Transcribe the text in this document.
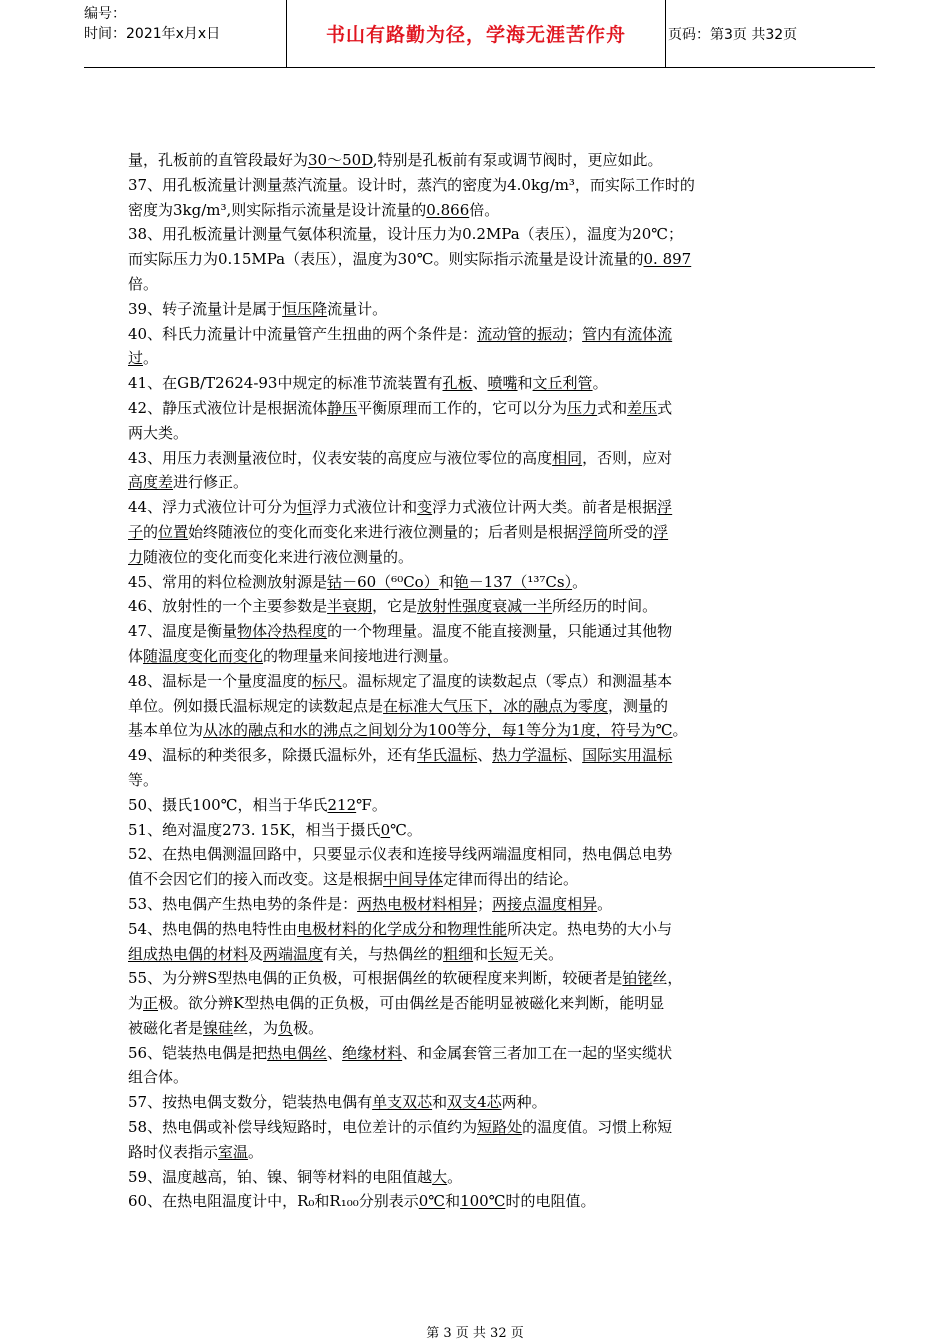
编号：
时间：2021年x月x日	书山有路勤为径，学海无涯苦作舟	页码：第3页 共32页
量，孔板前的直管段最好为30～50D,特别是孔板前有泵或调节阀时，更应如此。
37、用孔板流量计测量蒸汽流量。设计时，蒸汽的密度为4.0kg/m³，而实际工作时的
密度为3kg/m³,则实际指示流量是设计流量的0.866倍。
38、用孔板流量计测量气氨体积流量，设计压力为0.2MPa（表压），温度为20℃；
而实际压力为0.15MPa（表压），温度为30℃。则实际指示流量是设计流量的0. 897
倍。
39、转子流量计是属于恒压降流量计。
40、科氏力流量计中流量管产生扭曲的两个条件是：流动管的振动；管内有流体流
过。
41、在GB/T2624-93中规定的标准节流装置有孔板、喷嘴和文丘利管。
42、静压式液位计是根据流体静压平衡原理而工作的，它可以分为压力式和差压式
两大类。
43、用压力表测量液位时，仪表安装的高度应与液位零位的高度相同，否则，应对
高度差进行修正。
44、浮力式液位计可分为恒浮力式液位计和变浮力式液位计两大类。前者是根据浮
子的位置始终随液位的变化而变化来进行液位测量的；后者则是根据浮筒所受的浮
力随液位的变化而变化来进行液位测量的。
45、常用的料位检测放射源是钴－60（⁶⁰Co）和铯－137（¹³⁷Cs）。
46、放射性的一个主要参数是半衰期，它是放射性强度衰减一半所经历的时间。
47、温度是衡量物体冷热程度的一个物理量。温度不能直接测量，只能通过其他物
体随温度变化而变化的物理量来间接地进行测量。
48、温标是一个量度温度的标尺。温标规定了温度的读数起点（零点）和测温基本
单位。例如摄氏温标规定的读数起点是在标准大气压下，冰的融点为零度，测量的
基本单位为从冰的融点和水的沸点之间划分为100等分，每1等分为1度，符号为℃。
49、温标的种类很多，除摄氏温标外，还有华氏温标、热力学温标、国际实用温标
等。
50、摄氏100℃，相当于华氏212℉。
51、绝对温度273. 15K，相当于摄氏0℃。
52、在热电偶测温回路中，只要显示仪表和连接导线两端温度相同，热电偶总电势
值不会因它们的接入而改变。这是根据中间导体定律而得出的结论。
53、热电偶产生热电势的条件是：两热电极材料相异；两接点温度相异。
54、热电偶的热电特性由电极材料的化学成分和物理性能所决定。热电势的大小与
组成热电偶的材料及两端温度有关，与热偶丝的粗细和长短无关。
55、为分辨S型热电偶的正负极，可根据偶丝的软硬程度来判断，较硬者是铂铑丝，
为正极。欲分辨K型热电偶的正负极，可由偶丝是否能明显被磁化来判断，能明显
被磁化者是镍硅丝，为负极。
56、铠装热电偶是把热电偶丝、绝缘材料、和金属套管三者加工在一起的坚实缆状
组合体。
57、按热电偶支数分，铠装热电偶有单支双芯和双支4芯两种。
58、热电偶或补偿导线短路时，电位差计的示值约为短路处的温度值。习惯上称短
路时仪表指示室温。
59、温度越高，铂、镍、铜等材料的电阻值越大。
60、在热电阻温度计中，R₀和R₁₀₀分别表示0℃和100℃时的电阻值。
第 3 页 共 32 页
